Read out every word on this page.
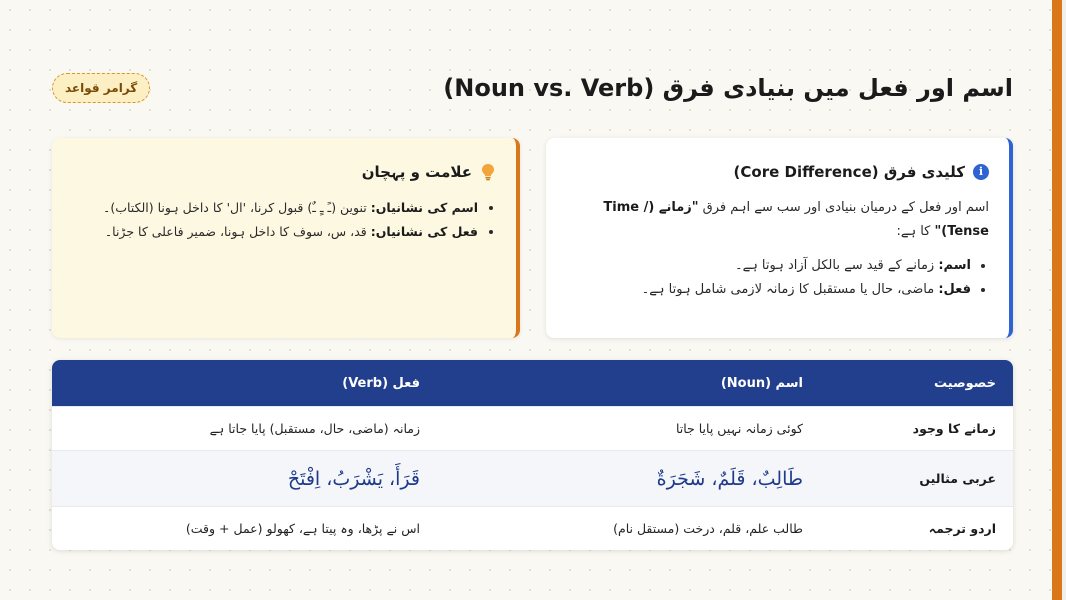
گرامر قواعد	اسم اور فعل میں بنیادی فرق (Noun vs. Verb)
i
کلیدی فرق (Core Difference)

اسم اور فعل کے درمیان بنیادی اور سب سے اہم فرق "زمانے (Time / Tense)" کا ہے:

• اسم: زمانے کے قید سے بالکل آزاد ہوتا ہے۔
• فعل: ماضی، حال یا مستقبل کا زمانہ لازمی شامل ہوتا ہے۔
علامت و پہچان
• اسم کی نشانیاں: تنوین (ـً ـٍ ـٌ) قبول کرنا، 'ال' کا داخل ہونا (الکتاب)۔
• فعل کی نشانیاں: قد، س، سوف کا داخل ہونا، ضمیر فاعلی کا جڑنا۔
خصوصیت	اسم (Noun)	فعل (Verb)
زمانے کا وجود	کوئی زمانہ نہیں پایا جاتا	زمانہ (ماضی، حال، مستقبل) پایا جاتا ہے
عربی مثالیں	طَالِبٌ، قَلَمٌ، شَجَرَةٌ	قَرَأَ، يَشْرَبُ، اِفْتَحْ
اردو ترجمہ	طالب علم، قلم، درخت (مستقل نام)	اس نے پڑھا، وہ پیتا ہے، کھولو (عمل + وقت)
